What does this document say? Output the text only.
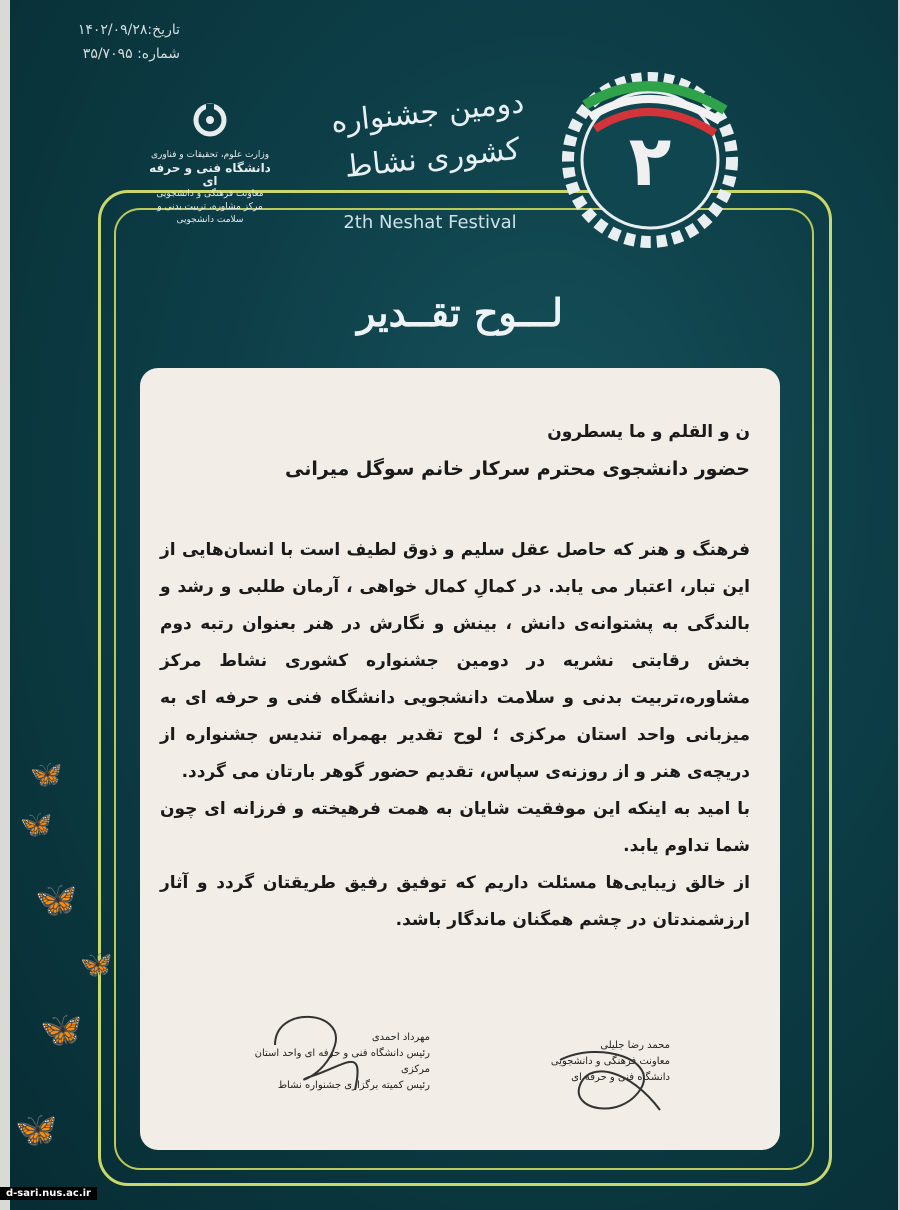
تاریخ:۱۴۰۲/۰۹/۲۸
شماره: ۳۵/۷۰۹۵
وزارت علوم، تحقیقات و فناوری
دانشگاه فنی و حرفه ای
معاونت فرهنگی و دانشجویی
مرکز مشاوره، تربیت بدنی و سلامت دانشجویی
دومین جشنواره کشوری نشاط
2th Neshat Festival
۲
لـــوح تقــدیر
🦋
🦋
🦋
🦋
🦋
🦋
ن و القلم و ما یسطرون
حضور دانشجوی محترم سرکار خانم سوگل میرانی
فرهنگ و هنر که حاصل عقل سلیم و ذوق لطیف است با انسان‌هایی از این تبار، اعتبار می یابد. در کمالِ کمال خواهی ، آرمان طلبی و رشد و بالندگی به پشتوانه‌ی دانش ، بینش و نگارش در هنر بعنوان رتبه دوم بخش رقابتی نشریه در دومین جشنواره کشوری نشاط مرکز مشاوره،تربیت بدنی و سلامت دانشجویی دانشگاه فنی و حرفه ای به میزبانی واحد استان مرکزی ؛ لوح تقدیر بهمراه تندیس جشنواره از دریچه‌ی هنر و از روزنه‌ی سپاس، تقدیم حضور گوهر بارتان می گردد.
با امید به اینکه این موفقیت شایان به همت فرهیخته و فرزانه ای چون شما تداوم یابد.
از خالق زیبایی‌ها مسئلت داریم که توفیق رفیق طریقتان گردد و آثار ارزشمندتان در چشم همگنان ماندگار باشد.
مهرداد احمدی
رئیس دانشگاه فنی و حرفه ای واحد استان مرکزی
رئیس کمیته برگزاری جشنواره نشاط
محمد رضا جلیلی
معاونت فرهنگی و دانشجویی
دانشگاه فنی و حرفه ای
d-sari.nus.ac.ir
